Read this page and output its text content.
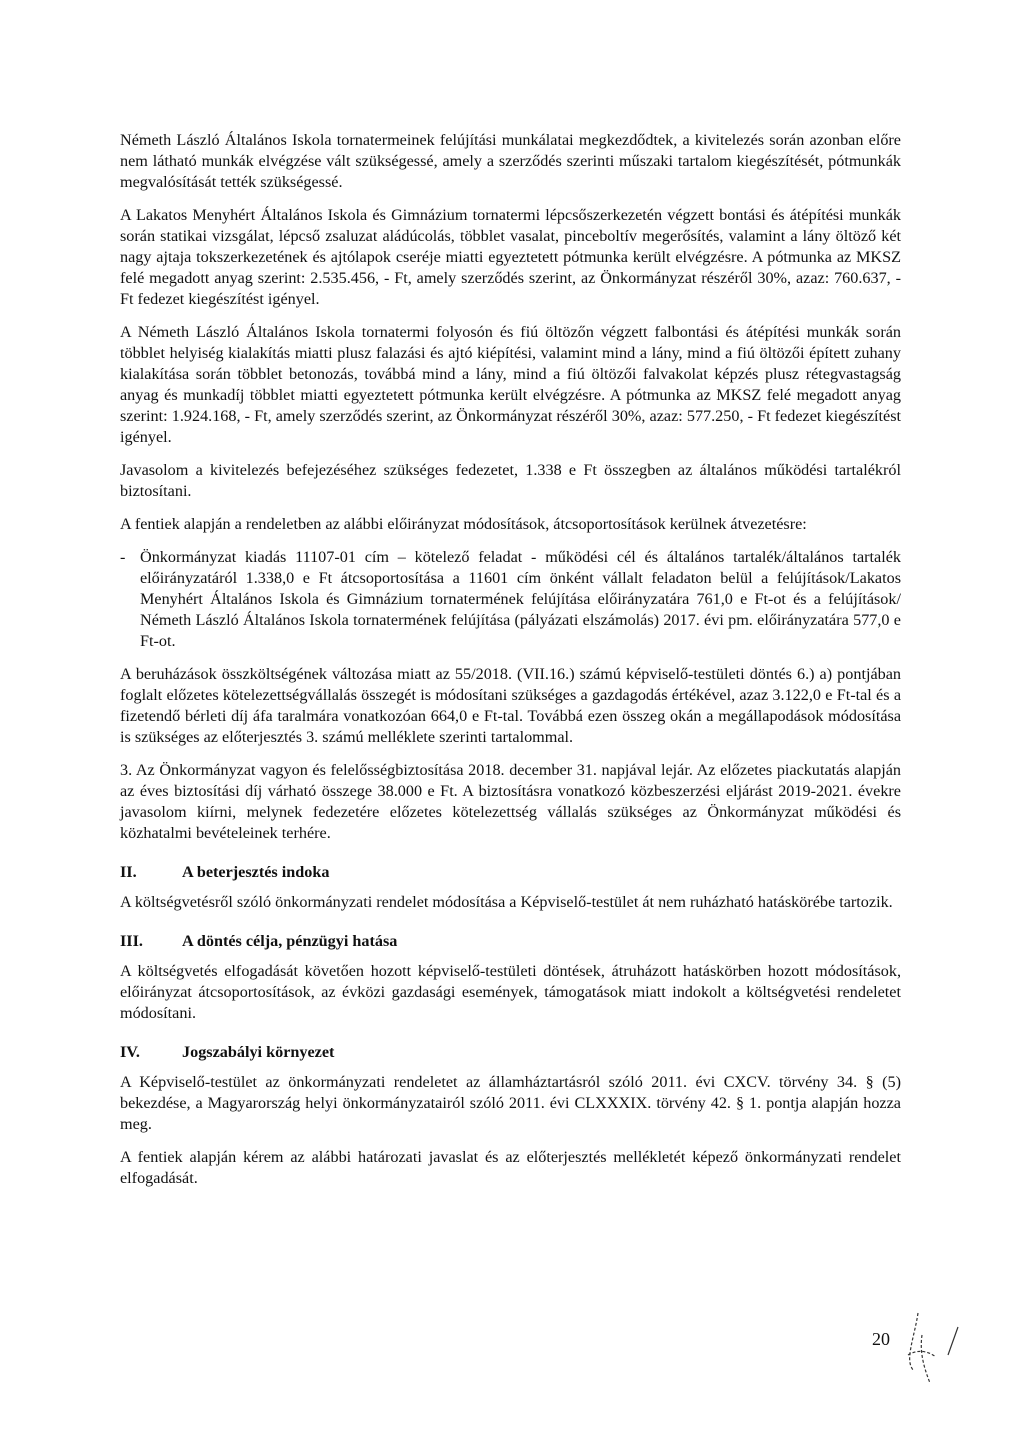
Németh László Általános Iskola tornatermeinek felújítási munkálatai megkezdődtek, a kivitelezés során azonban előre nem látható munkák elvégzése vált szükségessé, amely a szerződés szerinti műszaki tartalom kiegészítését, pótmunkák megvalósítását tették szükségessé.

A Lakatos Menyhért Általános Iskola és Gimnázium tornatermi lépcsőszerkezetén végzett bontási és átépítési munkák során statikai vizsgálat, lépcső zsaluzat aládúcolás, többlet vasalat, pinceboltív megerősítés, valamint a lány öltöző két nagy ajtaja tokszerkezetének és ajtólapok cseréje miatti egyeztetett pótmunka került elvégzésre. A pótmunka az MKSZ felé megadott anyag szerint: 2.535.456, - Ft, amely szerződés szerint, az Önkormányzat részéről 30%, azaz: 760.637, - Ft fedezet kiegészítést igényel.

A Németh László Általános Iskola tornatermi folyosón és fiú öltözőn végzett falbontási és átépítési munkák során többlet helyiség kialakítás miatti plusz falazási és ajtó kiépítési, valamint mind a lány, mind a fiú öltözői épített zuhany kialakítása során többlet betonozás, továbbá mind a lány, mind a fiú öltözői falvakolat képzés plusz rétegvastagság anyag és munkadíj többlet miatti egyeztetett pótmunka került elvégzésre. A pótmunka az MKSZ felé megadott anyag szerint: 1.924.168, - Ft, amely szerződés szerint, az Önkormányzat részéről 30%, azaz: 577.250, - Ft fedezet kiegészítést igényel.

Javasolom a kivitelezés befejezéséhez szükséges fedezetet, 1.338 e Ft összegben az általános működési tartalékról biztosítani.

A fentiek alapján a rendeletben az alábbi előirányzat módosítások, átcsoportosítások kerülnek átvezetésre:

- Önkormányzat kiadás 11107-01 cím – kötelező feladat - működési cél és általános tartalék/általános tartalék előirányzatáról 1.338,0 e Ft átcsoportosítása a 11601 cím önként vállalt feladaton belül a felújítások/Lakatos Menyhért Általános Iskola és Gimnázium tornatermének felújítása előirányzatára 761,0 e Ft-ot és a felújítások/ Németh László Általános Iskola tornatermének felújítása (pályázati elszámolás) 2017. évi pm. előirányzatára 577,0 e Ft-ot.

A beruházások összköltségének változása miatt az 55/2018. (VII.16.) számú képviselő-testületi döntés 6.) a) pontjában foglalt előzetes kötelezettségvállalás összegét is módosítani szükséges a gazdagodás értékével, azaz 3.122,0 e Ft-tal és a fizetendő bérleti díj áfa taralmára vonatkozóan 664,0 e Ft-tal. Továbbá ezen összeg okán a megállapodások módosítása is szükséges az előterjesztés 3. számú melléklete szerinti tartalommal.

3. Az Önkormányzat vagyon és felelősségbiztosítása 2018. december 31. napjával lejár. Az előzetes piackutatás alapján az éves biztosítási díj várható összege 38.000 e Ft. A biztosításra vonatkozó közbeszerzési eljárást 2019-2021. évekre javasolom kiírni, melynek fedezetére előzetes kötelezettség vállalás szükséges az Önkormányzat működési és közhatalmi bevételeinek terhére.

II.	A beterjesztés indoka

A költségvetésről szóló önkormányzati rendelet módosítása a Képviselő-testület át nem ruházható hatáskörébe tartozik.

III.	A döntés célja, pénzügyi hatása

A költségvetés elfogadását követően hozott képviselő-testületi döntések, átruházott hatáskörben hozott módosítások, előirányzat átcsoportosítások, az évközi gazdasági események, támogatások miatt indokolt a költségvetési rendeletet módosítani.

IV.	Jogszabályi környezet

A Képviselő-testület az önkormányzati rendeletet az államháztartásról szóló 2011. évi CXCV. törvény 34. § (5) bekezdése, a Magyarország helyi önkormányzatairól szóló 2011. évi CLXXXIX. törvény 42. § 1. pontja alapján hozza meg.

A fentiek alapján kérem az alábbi határozati javaslat és az előterjesztés mellékletét képező önkormányzati rendelet elfogadását.

20
